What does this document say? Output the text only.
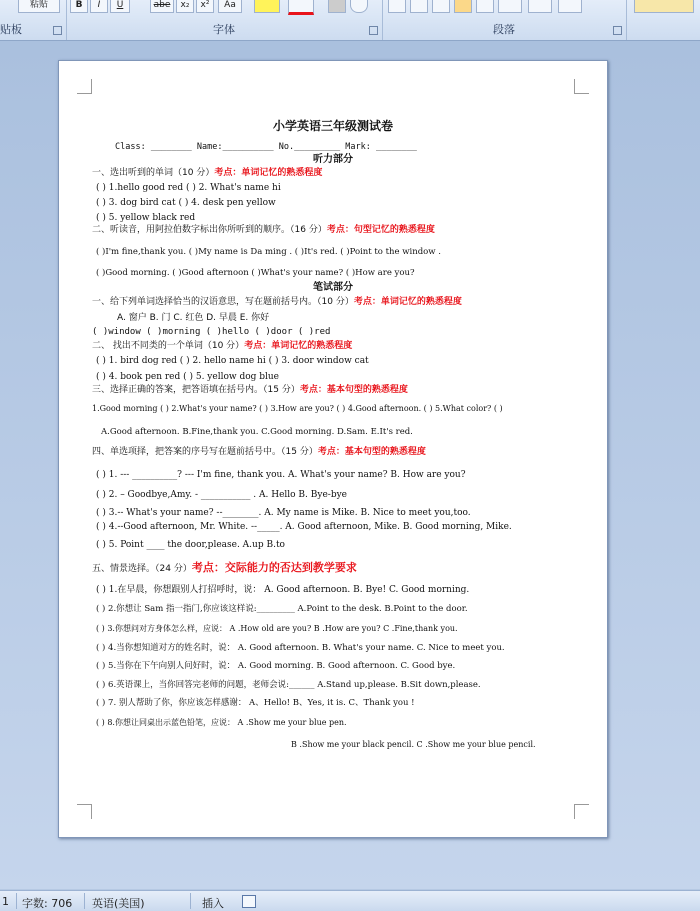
粘贴
贴板
B	I	U	abe	x₂	x²	Aa
字体	段落
小学英语三年级测试卷
Class: ________ Name:__________ No._________ Mark: ________
听力部分
一、选出听到的单词（10 分）考点：单词记忆的熟悉程度
( ) 1.hello good red ( ) 2. What's name hi
( ) 3. dog bird cat ( ) 4. desk pen yellow
( ) 5. yellow black red
二、听读音，用阿拉伯数字标出你所听到的顺序。（16 分）考点：句型记忆的熟悉程度
( )I'm fine,thank you. ( )My name is Da ming . ( )It's red. ( )Point to the window .
( )Good morning. ( )Good afternoon ( )What's your name? ( )How are you?
笔试部分
一、给下列单词选择恰当的汉语意思，写在题前括号内。（10 分）考点：单词记忆的熟悉程度
A. 窗户 B. 门 C. 红色 D. 早晨 E. 你好
( )window ( )morning ( )hello ( )door ( )red
二、 找出不同类的一个单词（10 分）考点：单词记忆的熟悉程度
( ) 1. bird dog red ( ) 2. hello name hi ( ) 3. door window cat
( ) 4. book pen red ( ) 5. yellow dog blue
三、选择正确的答案，把答语填在括号内。（15 分）考点：基本句型的熟悉程度
1.Good morning ( ) 2.What's your name? ( ) 3.How are you? ( ) 4.Good afternoon. ( ) 5.What color? ( )
A.Good afternoon. B.Fine,thank you. C.Good morning. D.Sam. E.It's red.
四、单选项择，把答案的序号写在题前括号中。（15 分）考点：基本句型的熟悉程度
( ) 1. --- __________? --- I'm fine, thank you. A. What's your name? B. How are you?
( ) 2. – Goodbye,Amy. - ___________ . A. Hello B. Bye-bye
( ) 3.-- What's your name? --________. A. My name is Mike. B. Nice to meet you,too.
( ) 4.--Good afternoon, Mr. White. --_____. A. Good afternoon, Mike. B. Good morning, Mike.
( ) 5. Point ____ the door,please. A.up B.to
五、情景选择。（24 分）考点：交际能力的否达到教学要求
( ) 1.在早晨，你想跟别人打招呼时，说： A. Good afternoon. B. Bye! C. Good morning.
( ) 2.你想让 Sam 指一指门,你应该这样说:_________ A.Point to the desk. B.Point to the door.
( ) 3.你想问对方身体怎么样，应说： A .How old are you? B .How are you? C .Fine,thank you.
( ) 4.当你想知道对方的姓名时，说： A. Good afternoon. B. What's your name. C. Nice to meet you.
( ) 5.当你在下午向别人问好时，说： A. Good morning. B. Good afternoon. C. Good bye.
( ) 6.英语课上，当你回答完老师的问题，老师会说:______ A.Stand up,please. B.Sit down,please.
( ) 7. 别人帮助了你，你应该怎样感谢： A、Hello! B、Yes, it is. C、Thank you !
( ) 8.你想让同桌出示蓝色铅笔，应说： A .Show me your blue pen.
B .Show me your black pencil. C .Show me your blue pencil.
1 字数: 706 英语(美国)	插入
